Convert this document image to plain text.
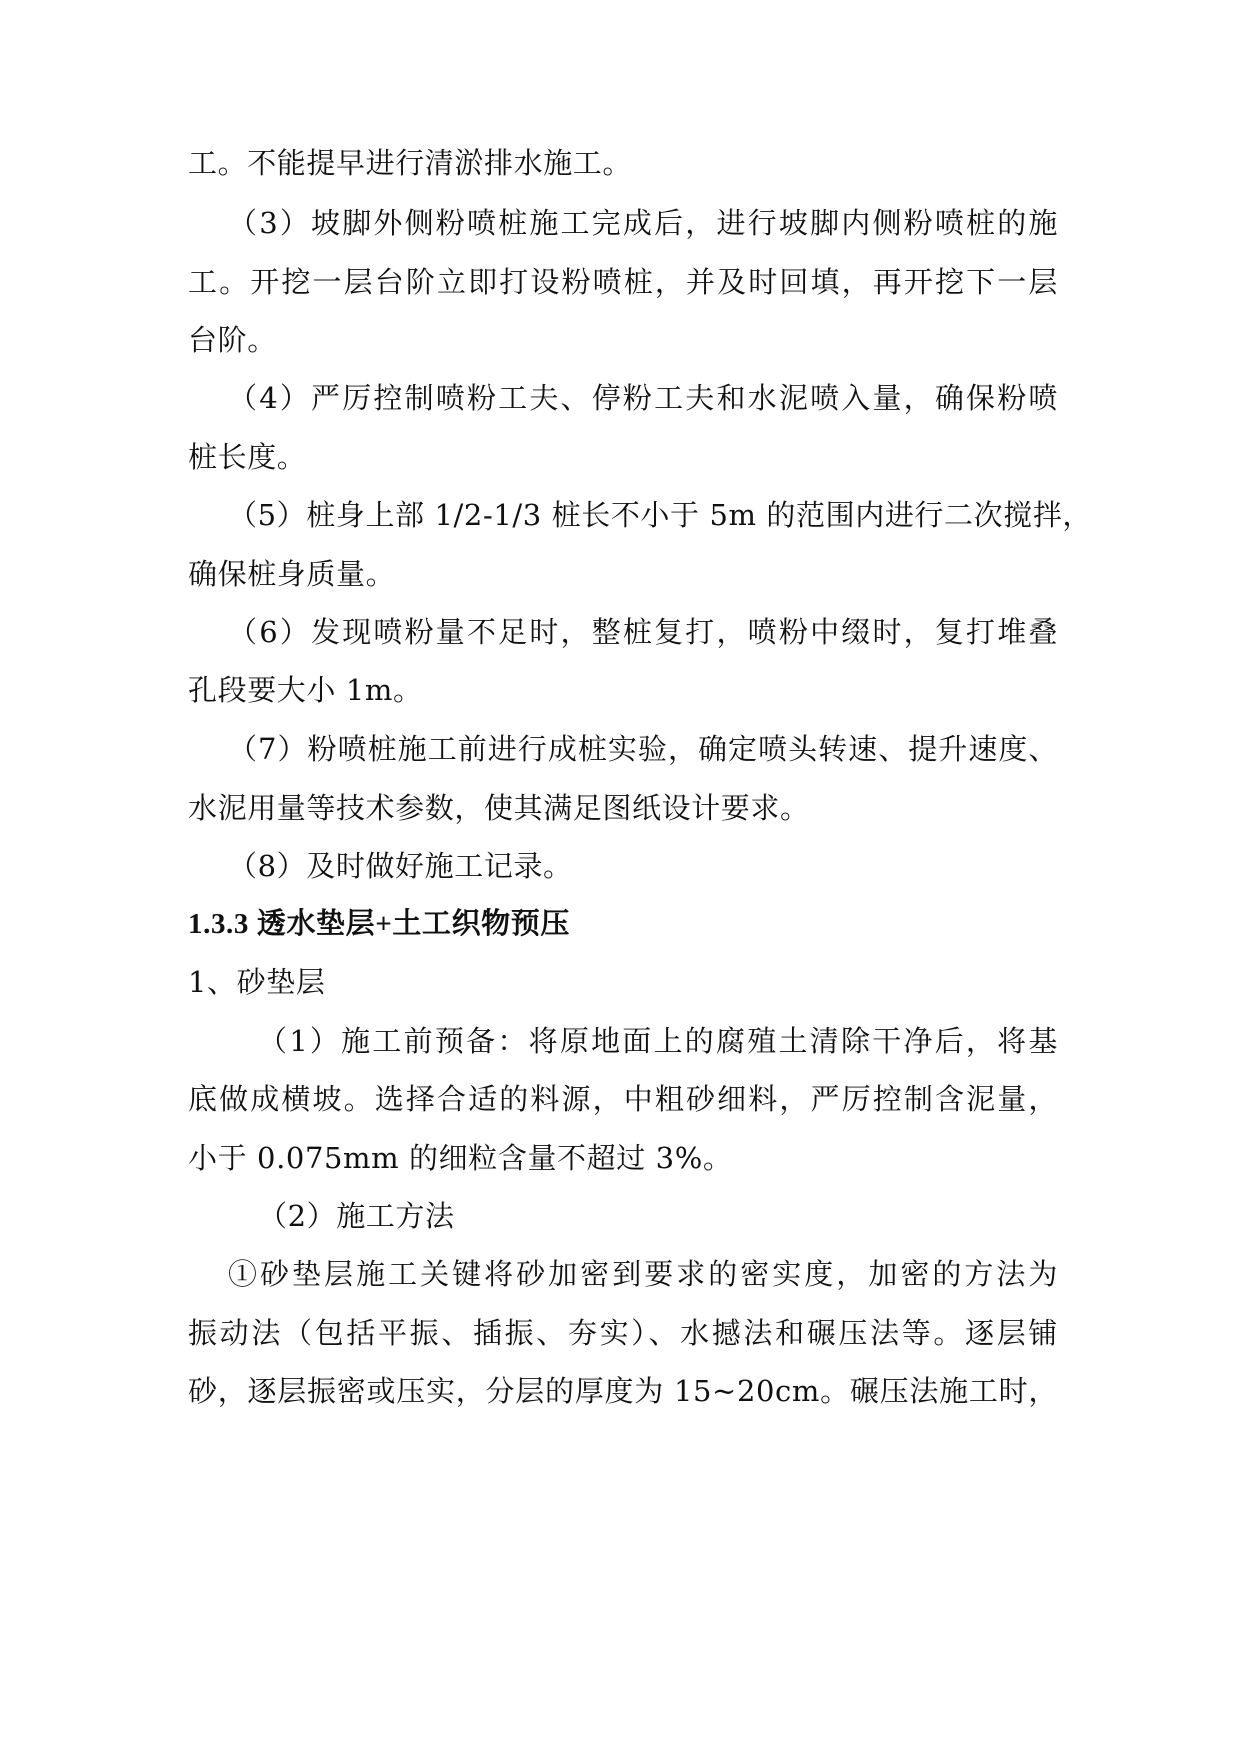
工。不能提早进行清淤排水施工。
（3）坡脚外侧粉喷桩施工完成后，进行坡脚内侧粉喷桩的施
工。开挖一层台阶立即打设粉喷桩，并及时回填，再开挖下一层
台阶。
（4）严厉控制喷粉工夫、停粉工夫和水泥喷入量，确保粉喷
桩长度。
（5）桩身上部 1/2-1/3 桩长不小于 5m 的范围内进行二次搅拌，
确保桩身质量。
（6）发现喷粉量不足时，整桩复打，喷粉中缀时，复打堆叠
孔段要大小 1m。
（7）粉喷桩施工前进行成桩实验，确定喷头转速、提升速度、
水泥用量等技术参数，使其满足图纸设计要求。
（8）及时做好施工记录。
1.3.3 透水垫层+土工织物预压
1、砂垫层
（1）施工前预备：将原地面上的腐殖土清除干净后，将基
底做成横坡。选择合适的料源，中粗砂细料，严厉控制含泥量，
小于 0.075mm 的细粒含量不超过 3%。
（2）施工方法
①砂垫层施工关键将砂加密到要求的密实度，加密的方法为
振动法（包括平振、插振、夯实）、水撼法和碾压法等。逐层铺
砂，逐层振密或压实，分层的厚度为 15~20cm。碾压法施工时，
